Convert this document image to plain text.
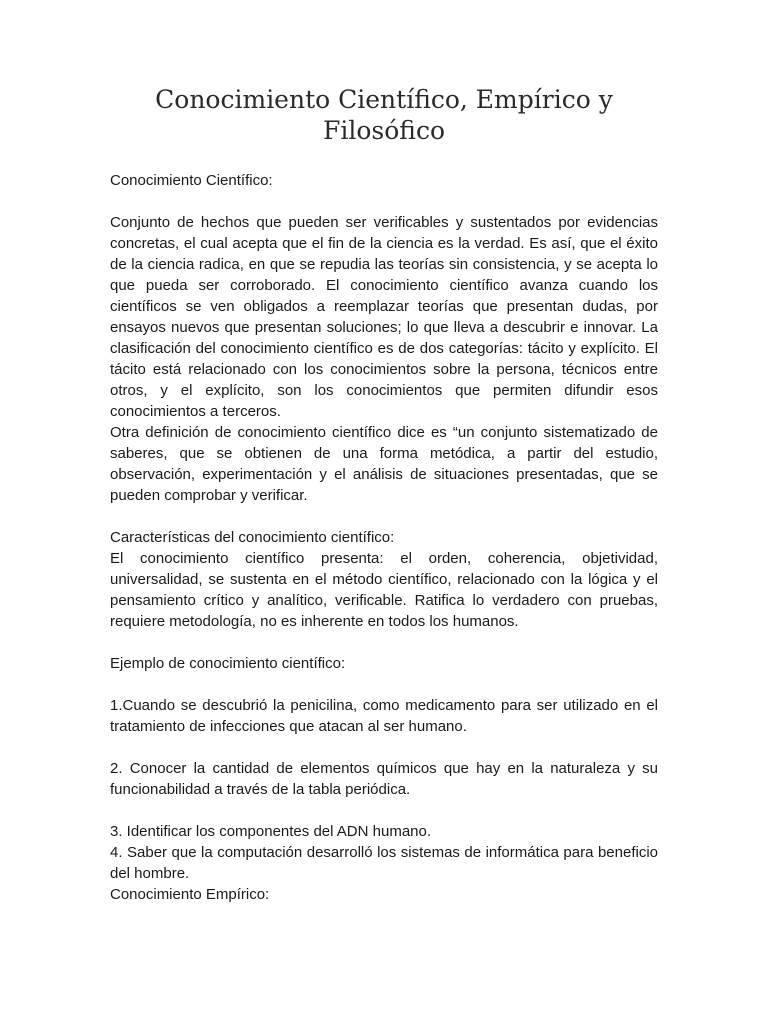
Conocimiento Científico, Empírico y
Filosófico

Conocimiento Científico:

Conjunto de hechos que pueden ser verificables y sustentados por evidencias concretas, el cual acepta que el fin de la ciencia es la verdad. Es así, que el éxito de la ciencia radica, en que se repudia las teorías sin consistencia, y se acepta lo que pueda ser corroborado. El conocimiento científico avanza cuando los científicos se ven obligados a reemplazar teorías que presentan dudas, por ensayos nuevos que presentan soluciones; lo que lleva a descubrir e innovar. La clasificación del conocimiento científico es de dos categorías: tácito y explícito. El tácito está relacionado con los conocimientos sobre la persona, técnicos entre otros, y el explícito, son los conocimientos que permiten difundir esos conocimientos a terceros.

Otra definición de conocimiento científico dice es “un conjunto sistematizado de saberes, que se obtienen de una forma metódica, a partir del estudio, observación, experimentación y el análisis de situaciones presentadas, que se pueden comprobar y verificar.

Características del conocimiento científico:

El conocimiento científico presenta: el orden, coherencia, objetividad, universalidad, se sustenta en el método científico, relacionado con la lógica y el pensamiento crítico y analítico, verificable. Ratifica lo verdadero con pruebas, requiere metodología, no es inherente en todos los humanos.

Ejemplo de conocimiento científico:

1.Cuando se descubrió la penicilina, como medicamento para ser utilizado en el tratamiento de infecciones que atacan al ser humano.

2. Conocer la cantidad de elementos químicos que hay en la naturaleza y su funcionabilidad a través de la tabla periódica.

3. Identificar los componentes del ADN humano.

4. Saber que la computación desarrolló los sistemas de informática para beneficio del hombre.

Conocimiento Empírico:
